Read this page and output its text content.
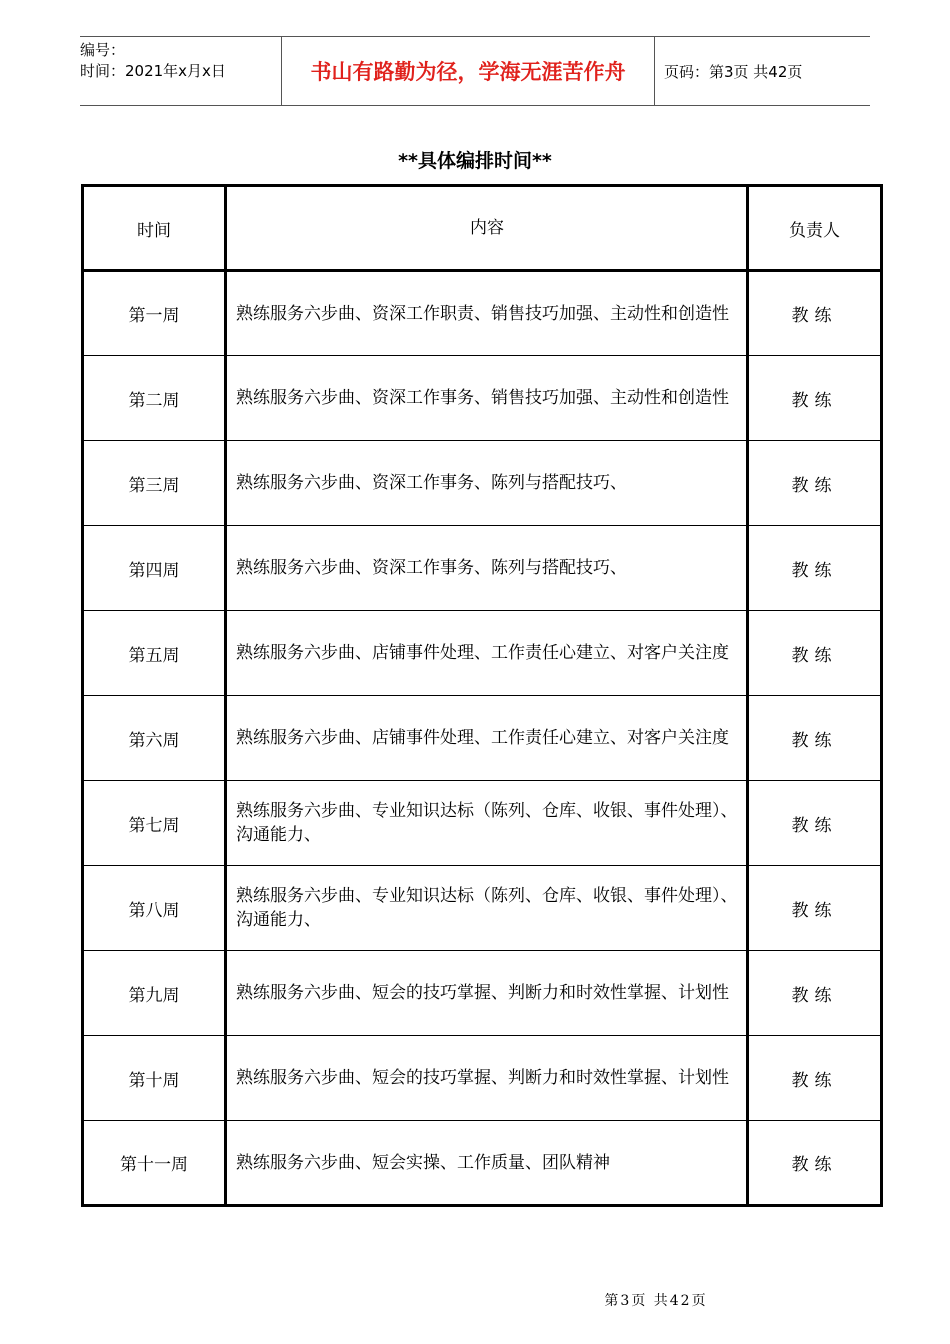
编号：
时间：2021年x月x日	书山有路勤为径，学海无涯苦作舟	页码：第3页 共42页
**具体编排时间**
时间	内容	负责人
第一周	熟练服务六步曲、资深工作职责、销售技巧加强、主动性和创造性	教练
第二周	熟练服务六步曲、资深工作事务、销售技巧加强、主动性和创造性	教练
第三周	熟练服务六步曲、资深工作事务、陈列与搭配技巧、	教练
第四周	熟练服务六步曲、资深工作事务、陈列与搭配技巧、	教练
第五周	熟练服务六步曲、店铺事件处理、工作责任心建立、对客户关注度	教练
第六周	熟练服务六步曲、店铺事件处理、工作责任心建立、对客户关注度	教练
第七周	熟练服务六步曲、专业知识达标（陈列、仓库、收银、事件处理）、沟通能力、	教练
第八周	熟练服务六步曲、专业知识达标（陈列、仓库、收银、事件处理）、沟通能力、	教练
第九周	熟练服务六步曲、短会的技巧掌握、判断力和时效性掌握、计划性	教练
第十周	熟练服务六步曲、短会的技巧掌握、判断力和时效性掌握、计划性	教练
第十一周	熟练服务六步曲、短会实操、工作质量、团队精神	教练
第3页 共42页
